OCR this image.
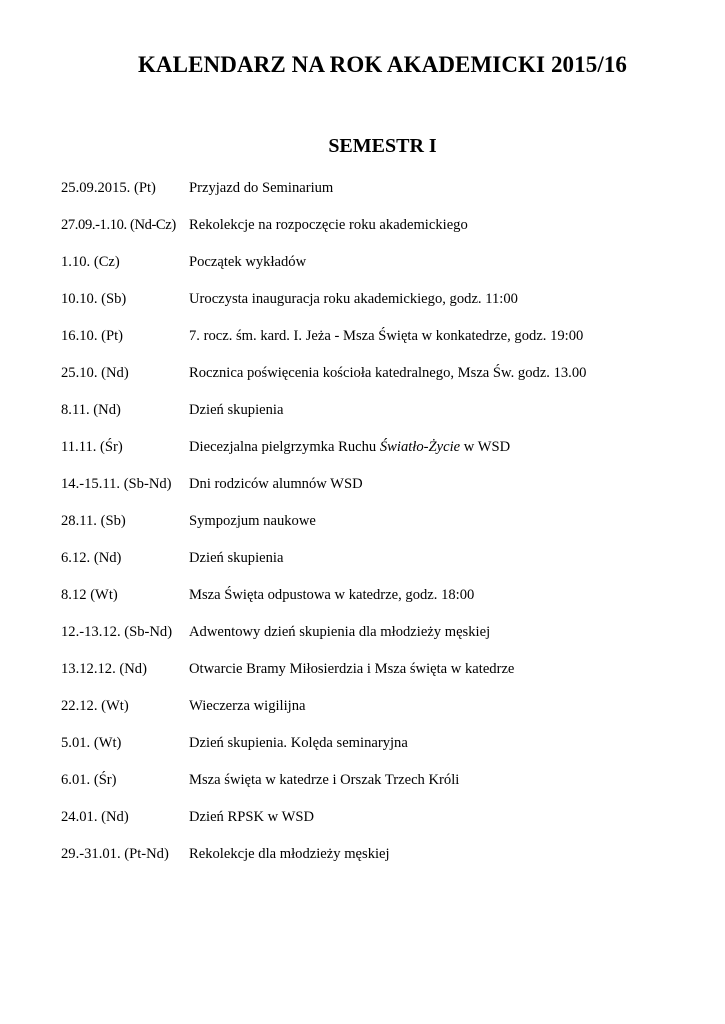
KALENDARZ NA ROK AKADEMICKI 2015/16
SEMESTR I
25.09.2015. (Pt)	Przyjazd do Seminarium
27.09.-1.10. (Nd-Cz) Rekolekcje na rozpoczęcie roku akademickiego
1.10. (Cz)	Początek wykładów
10.10. (Sb)	Uroczysta inauguracja roku akademickiego, godz. 11:00
16.10. (Pt)	7. rocz. śm. kard. I. Jeża - Msza Święta w konkatedrze, godz. 19:00
25.10. (Nd)	Rocznica poświęcenia kościoła katedralnego, Msza Św. godz. 13.00
8.11. (Nd)	Dzień skupienia
11.11. (Śr)	Diecezjalna pielgrzymka Ruchu Światło-Życie w WSD
14.-15.11. (Sb-Nd)	Dni rodziców alumnów WSD
28.11. (Sb)	Sympozjum naukowe
6.12. (Nd)	Dzień skupienia
8.12 (Wt)	Msza Święta odpustowa w katedrze, godz. 18:00
12.-13.12. (Sb-Nd)	Adwentowy dzień skupienia dla młodzieży męskiej
13.12.12. (Nd)	Otwarcie Bramy Miłosierdzia i Msza święta w katedrze
22.12. (Wt)	Wieczerza wigilijna
5.01. (Wt)	Dzień skupienia. Kolęda seminaryjna
6.01. (Śr)	Msza święta w katedrze i Orszak Trzech Króli
24.01. (Nd)	Dzień RPSK w WSD
29.-31.01. (Pt-Nd)	Rekolekcje dla młodzieży męskiej
